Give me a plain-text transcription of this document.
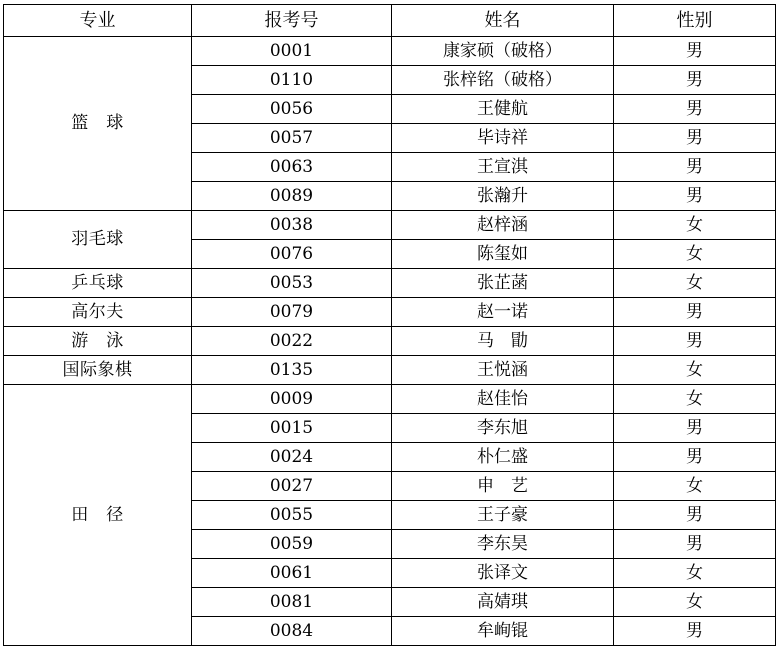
专业	报考号	姓名	性别
篮　球	0001	康家硕（破格）	男
	0110	张梓铭（破格）	男
	0056	王健航	男
	0057	毕诗祥	男
	0063	王宣淇	男
	0089	张瀚升	男
羽毛球	0038	赵梓涵	女
	0076	陈玺如	女
乒乓球	0053	张芷菡	女
高尔夫	0079	赵一诺	男
游　泳	0022	马　勖	男
国际象棋	0135	王悦涵	女
田　径	0009	赵佳怡	女
	0015	李东旭	男
	0024	朴仁盛	男
	0027	申　艺	女
	0055	王子豪	男
	0059	李东昊	男
	0061	张译文	女
	0081	高婧琪	女
	0084	牟峋锟	男
